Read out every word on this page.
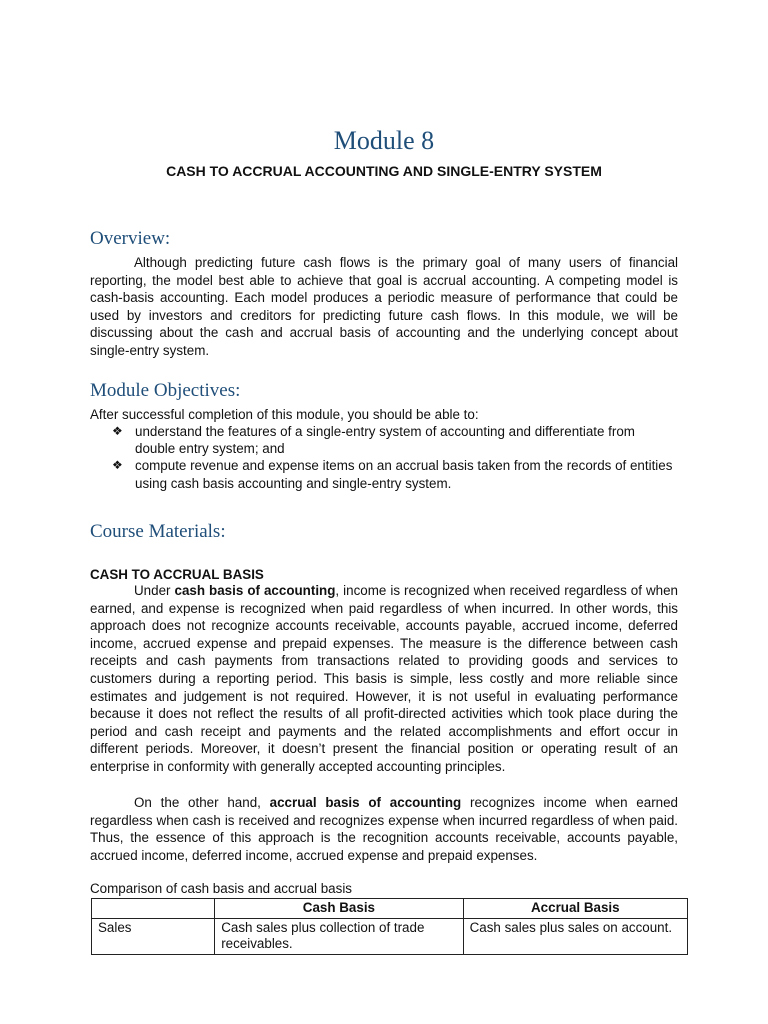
Module 8

CASH TO ACCRUAL ACCOUNTING AND SINGLE-ENTRY SYSTEM

Overview:

Although predicting future cash flows is the primary goal of many users of financial reporting, the model best able to achieve that goal is accrual accounting. A competing model is cash-basis accounting. Each model produces a periodic measure of performance that could be used by investors and creditors for predicting future cash flows. In this module, we will be discussing about the cash and accrual basis of accounting and the underlying concept about single-entry system.

Module Objectives:

After successful completion of this module, you should be able to:

❖ understand the features of a single-entry system of accounting and differentiate from double entry system; and
❖ compute revenue and expense items on an accrual basis taken from the records of entities using cash basis accounting and single-entry system.
Course Materials:

CASH TO ACCRUAL BASIS

Under cash basis of accounting, income is recognized when received regardless of when earned, and expense is recognized when paid regardless of when incurred. In other words, this approach does not recognize accounts receivable, accounts payable, accrued income, deferred income, accrued expense and prepaid expenses. The measure is the difference between cash receipts and cash payments from transactions related to providing goods and services to customers during a reporting period. This basis is simple, less costly and more reliable since estimates and judgement is not required. However, it is not useful in evaluating performance because it does not reflect the results of all profit-directed activities which took place during the period and cash receipt and payments and the related accomplishments and effort occur in different periods. Moreover, it doesn’t present the financial position or operating result of an enterprise in conformity with generally accepted accounting principles.

On the other hand, accrual basis of accounting recognizes income when earned regardless when cash is received and recognizes expense when incurred regardless of when paid. Thus, the essence of this approach is the recognition accounts receivable, accounts payable, accrued income, deferred income, accrued expense and prepaid expenses.

Comparison of cash basis and accrual basis

	Cash Basis	Accrual Basis
Sales	Cash sales plus collection of trade receivables.	Cash sales plus sales on account.
